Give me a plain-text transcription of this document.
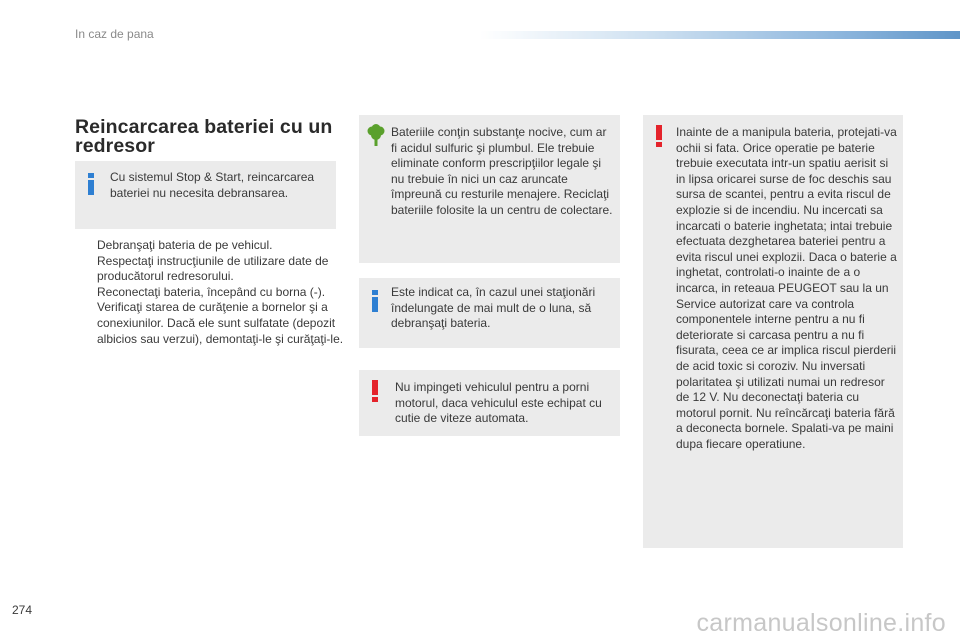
In caz de pana
Reincarcarea bateriei cu un redresor
Cu sistemul Stop & Start, reincarcarea bateriei nu necesita debransarea.
Debranşaţi bateria de pe vehicul.
Respectaţi instrucţiunile de utilizare date de producătorul redresorului.
Reconectaţi bateria, începând cu borna (-).
Verificaţi starea de curăţenie a bornelor şi a conexiunilor. Dacă ele sunt sulfatate (depozit albicios sau verzui), demontaţi-le şi curăţaţi-le.
Bateriile conţin substanţe nocive, cum ar fi acidul sulfuric şi plumbul. Ele trebuie eliminate conform prescripţiilor legale şi nu trebuie în nici un caz aruncate împreună cu resturile menajere. Reciclaţi bateriile folosite la un centru de colectare.
Este indicat ca, în cazul unei staţionări îndelungate de mai mult de o luna, să debranşaţi bateria.
Nu impingeti vehiculul pentru a porni motorul, daca vehiculul este echipat cu cutie de viteze automata.
Inainte de a manipula bateria, protejati-va ochii si fata. Orice operatie pe baterie trebuie executata intr-un spatiu aerisit si in lipsa oricarei surse de foc deschis sau sursa de scantei, pentru a evita riscul de explozie si de incendiu. Nu incercati sa incarcati o baterie inghetata; intai trebuie efectuata dezghetarea bateriei pentru a evita riscul unei explozii. Daca o baterie a inghetat, controlati-o inainte de a o incarca, in reteaua PEUGEOT sau la un Service autorizat care va controla componentele interne pentru a nu fi deteriorate si carcasa pentru a nu fi fisurata, ceea ce ar implica riscul pierderii de acid toxic si coroziv. Nu inversati polaritatea şi utilizati numai un redresor de 12 V. Nu deconectaţi bateria cu motorul pornit. Nu reîncărcaţi bateria fără a deconecta bornele. Spalati-va pe maini dupa fiecare operatiune.
274	carmanualsonline.info
